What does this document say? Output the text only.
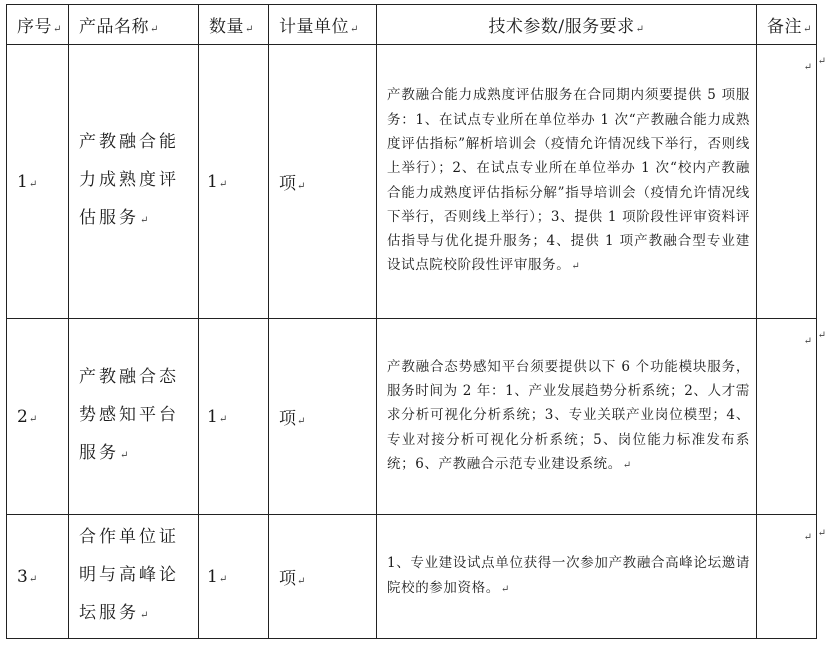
序号↵	产品名称↵	数量↵	计量单位↵	技术参数/服务要求↵	备注↵
1↵	产教融合能力成熟度评估服务↵	1↵	项↵	产教融合能力成熟度评估服务在合同期内须要提供 5 项服务：1、在试点专业所在单位举办 1 次“产教融合能力成熟度评估指标”解析培训会（疫情允许情况线下举行，否则线上举行）；2、在试点专业所在单位举办 1 次“校内产教融合能力成熟度评估指标分解”指导培训会（疫情允许情况线下举行，否则线上举行）；3、提供 1 项阶段性评审资料评估指导与优化提升服务；4、提供 1 项产教融合型专业建设试点院校阶段性评审服务。↵	↵
2↵	产教融合态势感知平台服务↵	1↵	项↵	产教融合态势感知平台须要提供以下 6 个功能模块服务，服务时间为 2 年：1、产业发展趋势分析系统；2、人才需求分析可视化分析系统；3、专业关联产业岗位模型；4、专业对接分析可视化分析系统；5、岗位能力标准发布系统；6、产教融合示范专业建设系统。↵	↵
3↵	合作单位证明与高峰论坛服务↵	1↵	项↵	1、专业建设试点单位获得一次参加产教融合高峰论坛邀请院校的参加资格。↵	↵
↵
↵
↵
